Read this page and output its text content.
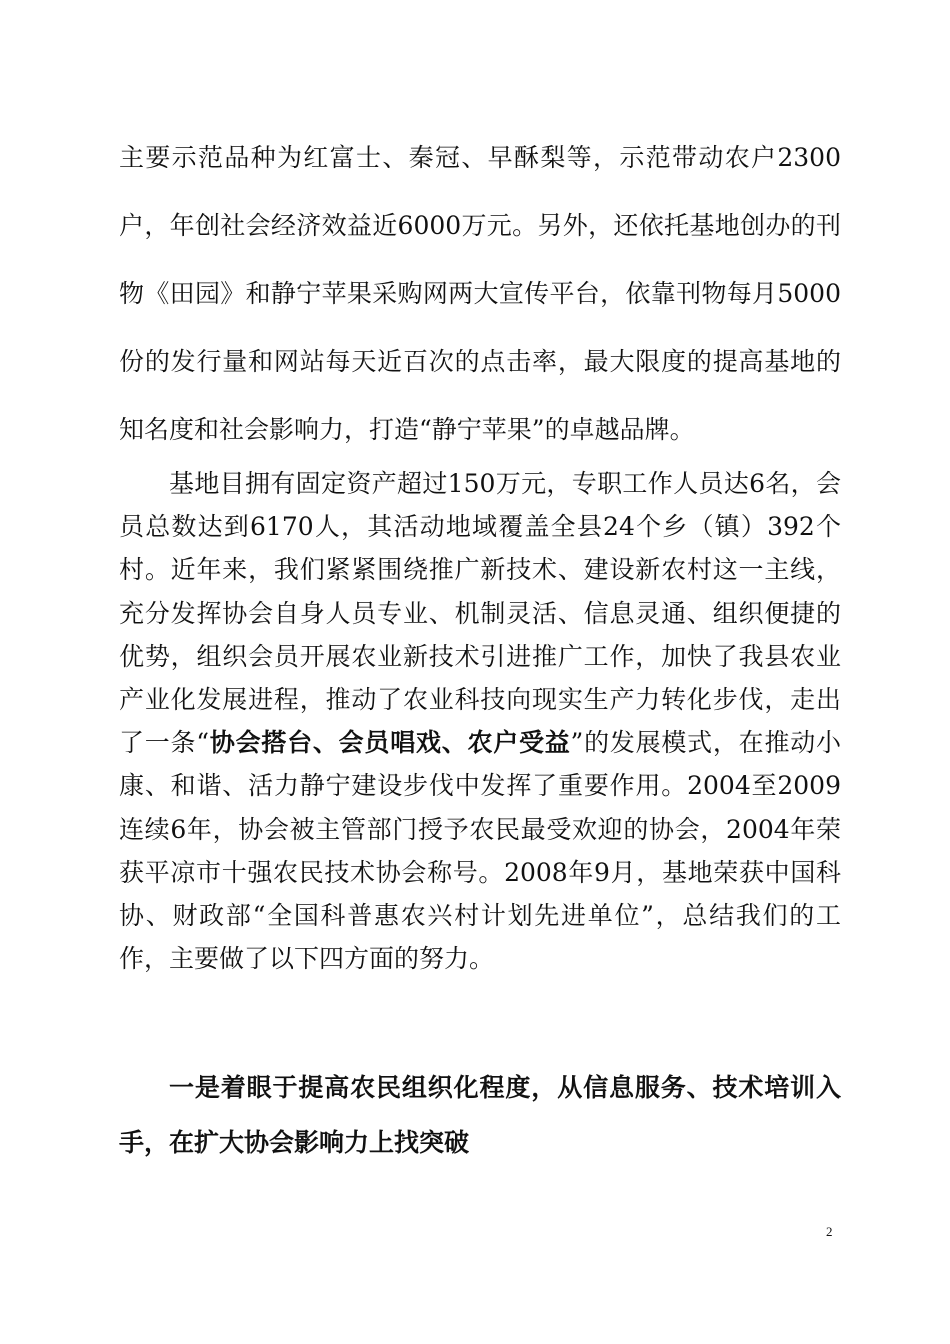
主要示范品种为红富士、秦冠、早酥梨等，示范带动农户2300户，年创社会经济效益近6000万元。另外，还依托基地创办的刊物《田园》和静宁苹果采购网两大宣传平台，依靠刊物每月5000份的发行量和网站每天近百次的点击率，最大限度的提高基地的知名度和社会影响力，打造“静宁苹果”的卓越品牌。

基地目拥有固定资产超过150万元，专职工作人员达6名，会员总数达到6170人，其活动地域覆盖全县24个乡（镇）392个村。近年来，我们紧紧围绕推广新技术、建设新农村这一主线，充分发挥协会自身人员专业、机制灵活、信息灵通、组织便捷的优势，组织会员开展农业新技术引进推广工作，加快了我县农业产业化发展进程，推动了农业科技向现实生产力转化步伐，走出了一条“协会搭台、会员唱戏、农户受益”的发展模式，在推动小康、和谐、活力静宁建设步伐中发挥了重要作用。2004至2009连续6年，协会被主管部门授予农民最受欢迎的协会，2004年荣获平凉市十强农民技术协会称号。2008年9月，基地荣获中国科协、财政部“全国科普惠农兴村计划先进单位”，总结我们的工作，主要做了以下四方面的努力。

一是着眼于提高农民组织化程度，从信息服务、技术培训入手，在扩大协会影响力上找突破

2
